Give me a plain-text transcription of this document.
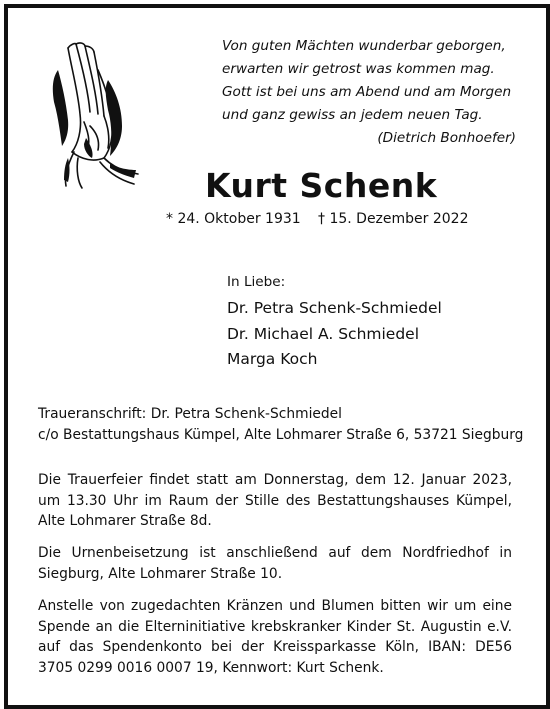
Von guten Mächten wunderbar geborgen,
erwarten wir getrost was kommen mag.
Gott ist bei uns am Abend und am Morgen
und ganz gewiss an jedem neuen Tag.
(Dietrich Bonhoefer)
Kurt Schenk
* 24. Oktober 1931 † 15. Dezember 2022
In Liebe:
Dr. Petra Schenk-Schmiedel
Dr. Michael A. Schmiedel
Marga Koch
Traueranschrift: Dr. Petra Schenk-Schmiedel
c/o Bestattungshaus Kümpel, Alte Lohmarer Straße 6, 53721 Siegburg
Die Trauerfeier findet statt am Donnerstag, dem 12. Januar 2023, um 13.30 Uhr im Raum der Stille des Bestattungshauses Kümpel, Alte Lohmarer Straße 8d.
Die Urnenbeisetzung ist anschließend auf dem Nordfriedhof in Siegburg, Alte Lohmarer Straße 10.
Anstelle von zugedachten Kränzen und Blumen bitten wir um eine Spende an die Elterninitiative krebskranker Kinder St. Augustin e.V. auf das Spendenkonto bei der Kreissparkasse Köln, IBAN: DE56 3705 0299 0016 0007 19, Kennwort: Kurt Schenk.
